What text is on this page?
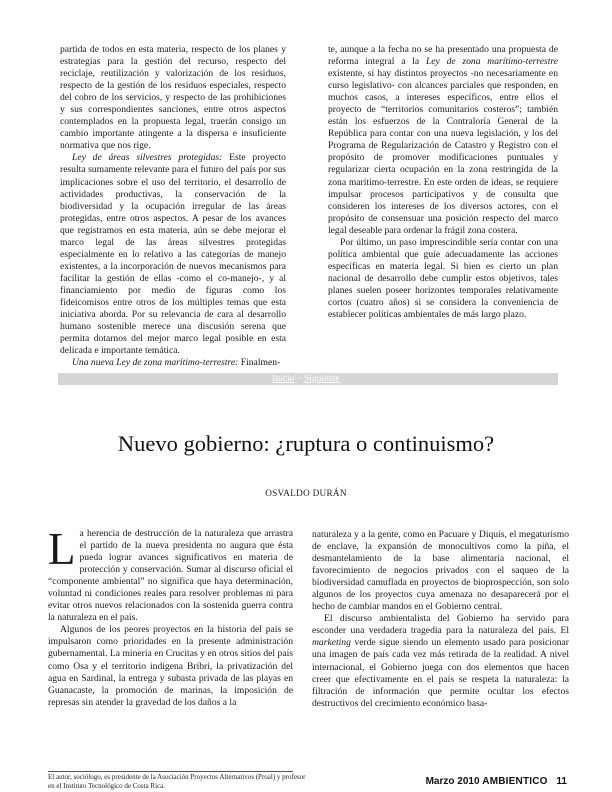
partida de todos en esta materia, respecto de los planes y estrategias para la gestión del recurso, respecto del reciclaje, reutilización y valorización de los residuos, respecto de la gestión de los residuos especiales, respecto del cobro de los servicios, y respecto de las prohibiciones y sus correspondientes sanciones, entre otros aspectos contemplados en la propuesta legal, traerán consigo un cambio importante atingente a la dispersa e insuficiente normativa que nos rige.

Ley de áreas silvestres protegidas: Este proyecto resulta sumamente relevante para el futuro del país por sus implicaciones sobre el uso del territorio, el desarrollo de actividades productivas, la conservación de la biodiversidad y la ocupación irregular de las áreas protegidas, entre otros aspectos. A pesar de los avances que registramos en esta materia, aún se debe mejorar el marco legal de las áreas silvestres protegidas especialmente en lo relativo a las categorías de manejo existentes, a la incorporación de nuevos mecanismos para facilitar la gestión de ellas -como el co-manejo-, y al financiamiento por medio de figuras como los fideicomisos entre otros de los múltiples temas que esta iniciativa aborda. Por su relevancia de cara al desarrollo humano sostenible merece una discusión serena que permita dotarnos del mejor marco legal posible en esta delicada e importante temática.

Una nueva Ley de zona marítimo-terrestre: Finalmen-

te, aunque a la fecha no se ha presentado una propuesta de reforma integral a la Ley de zona marítimo-terrestre existente, sí hay distintos proyectos -no necesariamente en curso legislativo- con alcances parciales que responden, en muchos casos, a intereses específicos, entre ellos el proyecto de “territorios comunitarios costeros”; también están los esfuerzos de la Contraloría General de la República para contar con una nueva legislación, y los del Programa de Regularización de Catastro y Registro con el propósito de promover modificaciones puntuales y regularizar cierta ocupación en la zona restringida de la zona marítimo-terrestre. En este orden de ideas, se requiere impulsar procesos participativos y de consulta que consideren los intereses de los diversos actores, con el propósito de consensuar una posición respecto del marco legal deseable para ordenar la frágil zona costera.

Por último, un paso imprescindible sería contar con una política ambiental que guíe adecuadamente las acciones específicas en materia legal. Si bien es cierto un plan nacional de desarrollo debe cumplir estos objetivos, tales planes suelen poseer horizontes temporales relativamente cortos (cuatro años) si se considera la conveniencia de establecer políticas ambientales de más largo plazo.

Inicio – Siguiente
Nuevo gobierno: ¿ruptura o continuismo?
OSVALDO DURÁN

La herencia de destrucción de la naturaleza que arrastra el partido de la nueva presidenta no augura que ésta pueda lograr avances significativos en materia de protección y conservación. Sumar al discurso oficial el “componente ambiental” no significa que haya determinación, voluntad ni condiciones reales para resolver problemas ni para evitar otros nuevos relacionados con la sostenida guerra contra la naturaleza en el país.

Algunos de los peores proyectos en la historia del país se impulsaron como prioridades en la presente administración gubernamental. La minería en Crucitas y en otros sitios del país como Osa y el territorio indígena Bribri, la privatización del agua en Sardinal, la entrega y subasta privada de las playas en Guanacaste, la promoción de marinas, la imposición de represas sin atender la gravedad de los daños a la

naturaleza y a la gente, como en Pacuare y Diquís, el megaturismo de enclave, la expansión de monocultivos como la piña, el desmantelamiento de la base alimentaria nacional, el favorecimiento de negocios privados con el saqueo de la biodiversidad camuflada en proyectos de bioprospección, son solo algunos de los proyectos cuya amenaza no desaparecerá por el hecho de cambiar mandos en el Gobierno central.

El discurso ambientalista del Gobierno ha servido para esconder una verdadera tragedia para la naturaleza del país. El marketing verde sigue siendo un elemento usado para posicionar una imagen de país cada vez más retirada de la realidad. A nivel internacional, el Gobierno juega con dos elementos que hacen creer que efectivamente en el país se respeta la naturaleza: la filtración de información que permite ocultar los efectos destructivos del crecimiento económico basa-

El autor, sociólogo, es presidente de la Asociación Proyectos Alternativos (Proal) y profesor en el Instituto Tecnológico de Costa Rica.	Marzo 2010 AMBIENTICO 11
